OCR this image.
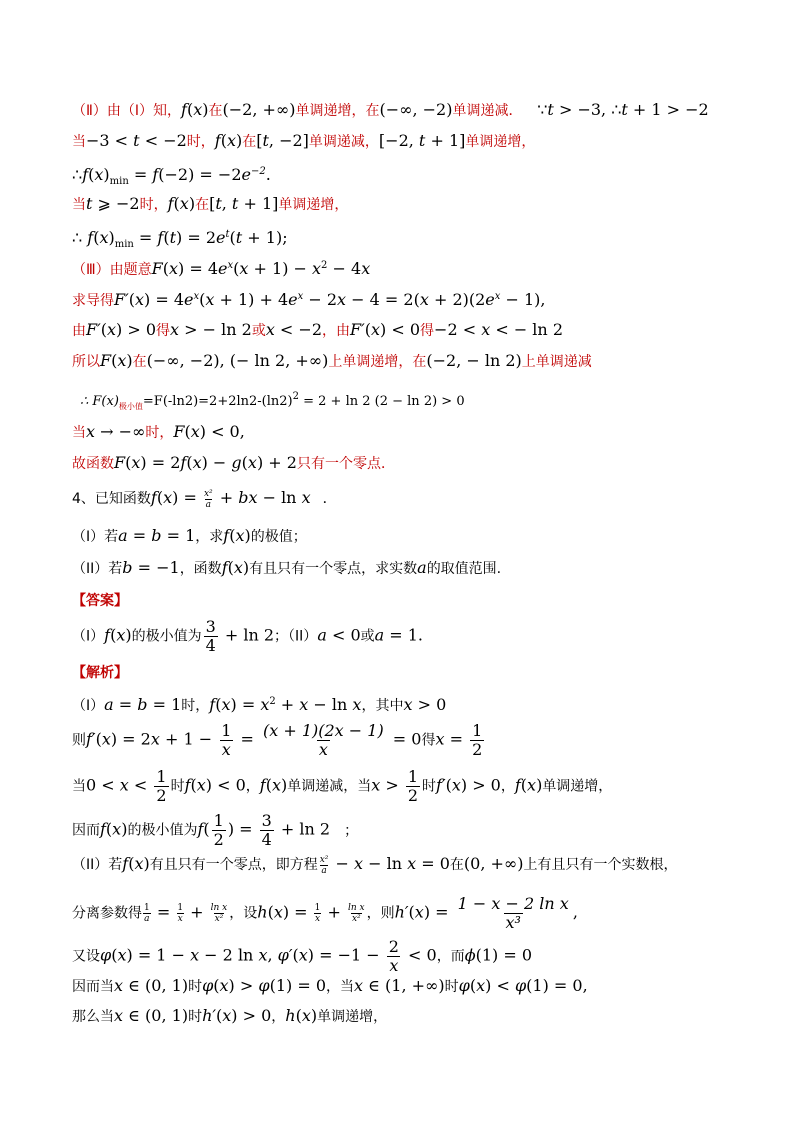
（Ⅱ）由（Ⅰ）知，f(x)在(−2, +∞)单调递增，在(−∞, −2)单调递减． ∵t > −3, ∴t + 1 > −2
当−3 < t < −2时，f(x)在[t, −2]单调递减，[−2, t + 1]单调递增，
$\therefore f(x)_{min} = f(-2) = -2e^{-2}$.
当t ⩾ −2时，f(x)在[t, t + 1]单调递增，
∴ $f(x)_{min} = f(t) = 2e^t(t + 1)$;
（Ⅲ）由题意$F(x) = 4e^x(x + 1) - x^2 - 4x$
求导得$F'(x) = 4e^x(x + 1) + 4e^x - 2x - 4 = 2(x + 2)(2e^x - 1)$,
由F′(x) > 0得x > − ln 2或x < −2，由F′(x) < 0得−2 < x < − ln 2
所以F(x)在(−∞, −2), (− ln 2, +∞)上单调递增，在(−2, − ln 2)上单调递减
∴ $F(x)_{极小值}=F(-\ln 2)=2+2\ln 2-(\ln 2)^2 = 2 + \ln 2$ (2 − ln 2) > 0
当x → −∞时，F(x) < 0,
故函数F(x) = 2f(x) − g(x) + 2只有一个零点．
4、已知函数$f(x) = \frac{\text{x²}}{a}$ + bx − ln x ．
（I）若a = b = 1，求f(x)的极值；
（II）若b = −1，函数f(x)有且只有一个零点，求实数a的取值范围.
【答案】
（I）f(x)的极小值为 $\frac{3}{4} + \ln 2$；（II）a < 0或a = 1.
【解析】
（I）a = b = 1时，$f(x) = x^2 + x - \ln x$，其中x > 0
则$f'(x) = 2x + 1 - \frac{1}{x} = \frac{(x + 1)(2x - 1)}{x} = 0$得$x = \frac{1}{2}$
当$0 < x < \frac{1}{2}$ 时f(x) < 0，f(x)单调递减，当$x > \frac{1}{2}$ 时f′(x) > 0，f(x)单调递增，
因而f(x)的极小值为$f( \frac{1}{2}$ ) = $\frac{3}{4} + \ln 2$ ；
（II）若f(x)有且只有一个零点，即方程 $\frac{\text{x²}}{a} - x - \ln x = 0$在(0, +∞)上有且只有一个实数根，
分离参数得 $\frac{1}{a} = \frac{1}{x} + \frac{\text{ln x}}{\text{x²}}$ ，设$h(x) = \frac{1}{x} + \frac{\text{ln x}}{\text{x²}}$ ，则$h'(x) = \frac{\text{1 − x − 2 ln x}}{\text{x³}}$ ,
又设φ(x) = 1 − x − 2 ln x, $\varphi'(x) = -1 - \frac{2}{x} < 0$，而ϕ(1) = 0
因而当x ∈ (0, 1)时φ(x) > φ(1) = 0，当x ∈ (1, +∞)时φ(x) < φ(1) = 0,
那么当x ∈ (0, 1)时h′(x) > 0，h(x)单调递增，
